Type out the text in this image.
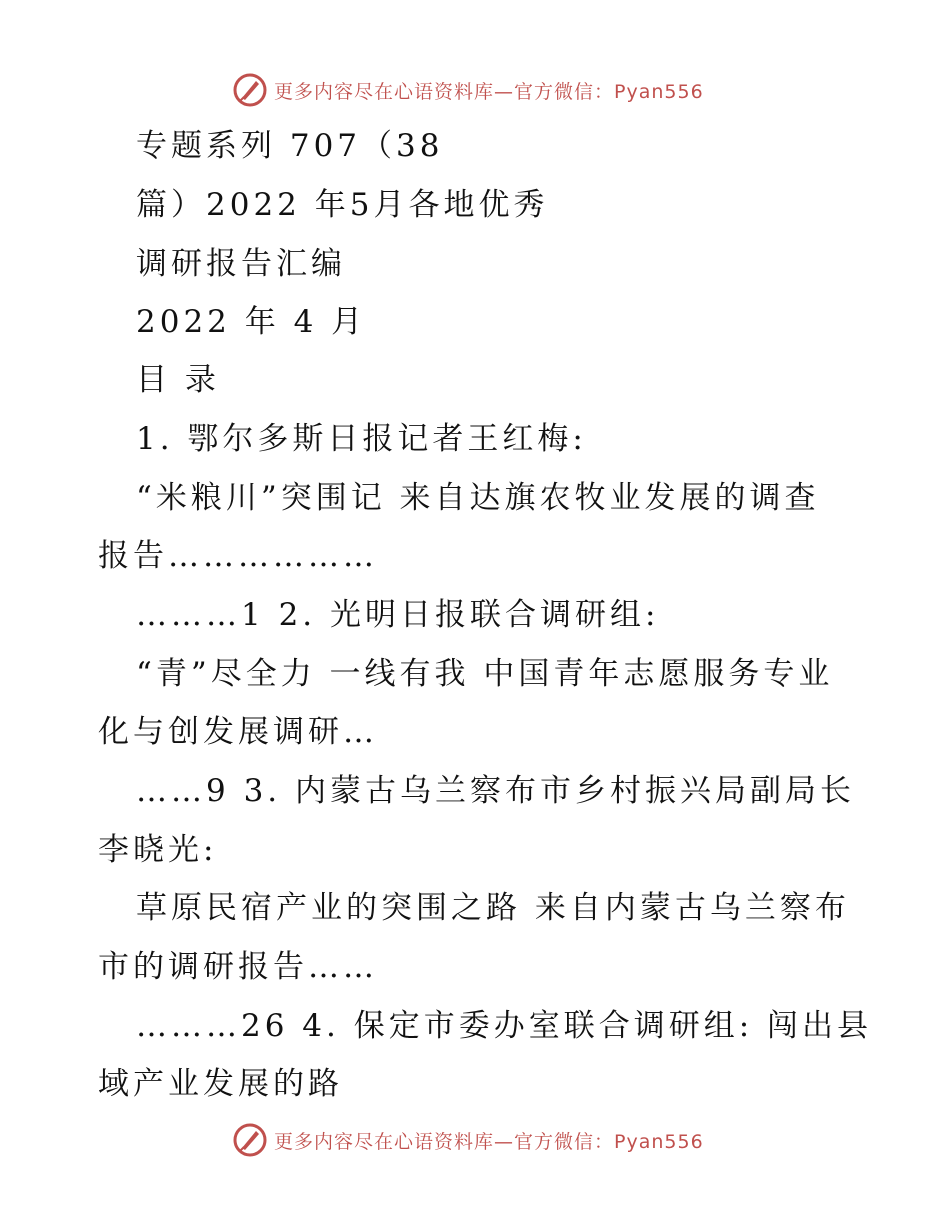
更多内容尽在心语资料库—官方微信：Pyan556
专题系列 707（38
篇）2022 年5月各地优秀
调研报告汇编
2022 年 4 月
目 录
1. 鄂尔多斯日报记者王红梅:
“米粮川”突围记 来自达旗农牧业发展的调查
报告………………
………1 2. 光明日报联合调研组:
“青”尽全力 一线有我 中国青年志愿服务专业
化与创发展调研…
……9 3. 内蒙古乌兰察布市乡村振兴局副局长
李晓光:
草原民宿产业的突围之路 来自内蒙古乌兰察布
市的调研报告……
………26 4. 保定市委办室联合调研组: 闯出县
域产业发展的路
更多内容尽在心语资料库—官方微信：Pyan556
